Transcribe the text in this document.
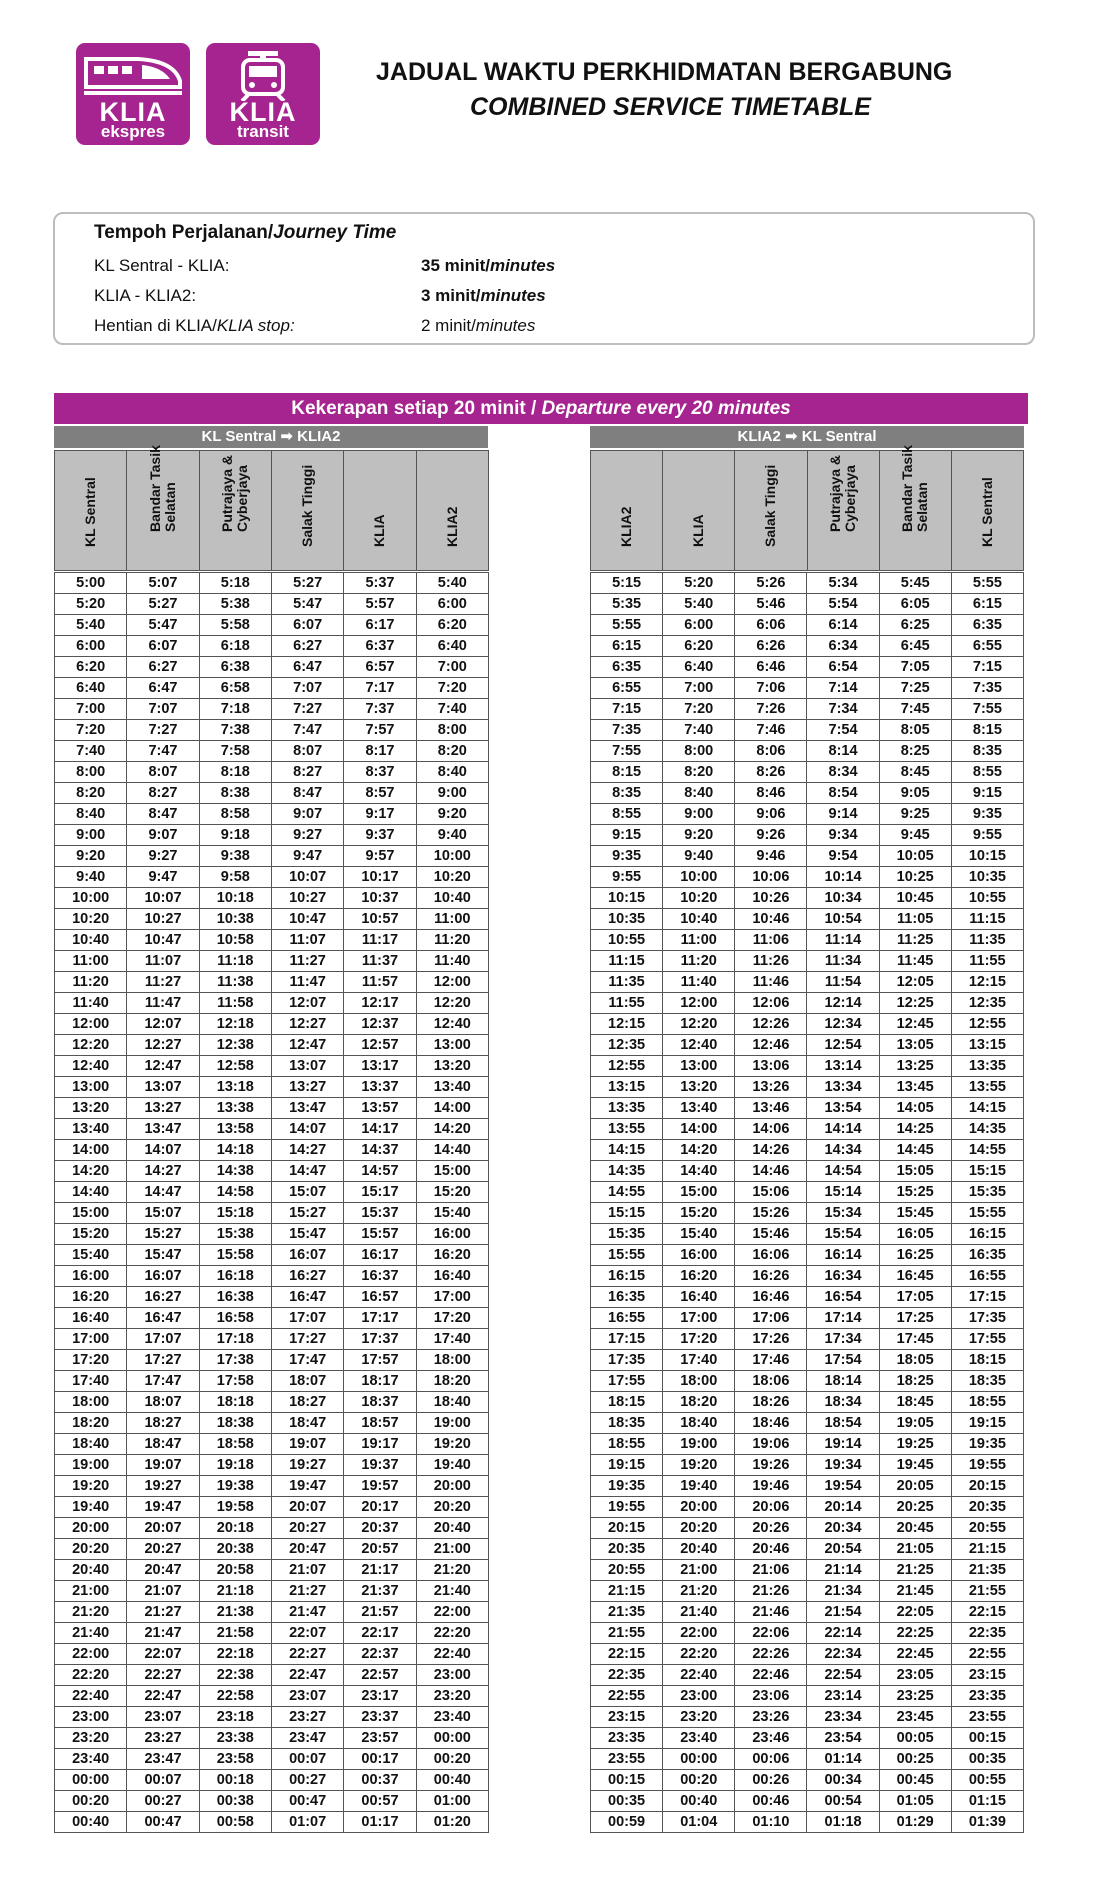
KLIA
ekspres
KLIA
transit
JADUAL WAKTU PERKHIDMATAN BERGABUNG
COMBINED SERVICE TIMETABLE
Tempoh Perjalanan/Journey Time
KL Sentral - KLIA:	35 minit/minutes
KLIA - KLIA2:	3 minit/minutes
Hentian di KLIA/KLIA stop:	2 minit/minutes
Kekerapan setiap 20 minit / Departure every 20 minutes
KL Sentral ➡ KLIA2	KLIA2 ➡ KL Sentral
KL Sentral	Bandar Tasik Selatan	Putrajaya & Cyberjaya	Salak Tinggi	KLIA	KLIA2	KLIA2	KLIA	Salak Tinggi	Putrajaya & Cyberjaya	Bandar Tasik Selatan	KL Sentral
5:00	5:07	5:18	5:27	5:37	5:40
5:20	5:27	5:38	5:47	5:57	6:00
5:40	5:47	5:58	6:07	6:17	6:20
6:00	6:07	6:18	6:27	6:37	6:40
6:20	6:27	6:38	6:47	6:57	7:00
6:40	6:47	6:58	7:07	7:17	7:20
7:00	7:07	7:18	7:27	7:37	7:40
7:20	7:27	7:38	7:47	7:57	8:00
7:40	7:47	7:58	8:07	8:17	8:20
8:00	8:07	8:18	8:27	8:37	8:40
8:20	8:27	8:38	8:47	8:57	9:00
8:40	8:47	8:58	9:07	9:17	9:20
9:00	9:07	9:18	9:27	9:37	9:40
9:20	9:27	9:38	9:47	9:57	10:00
9:40	9:47	9:58	10:07	10:17	10:20
10:00	10:07	10:18	10:27	10:37	10:40
10:20	10:27	10:38	10:47	10:57	11:00
10:40	10:47	10:58	11:07	11:17	11:20
11:00	11:07	11:18	11:27	11:37	11:40
11:20	11:27	11:38	11:47	11:57	12:00
11:40	11:47	11:58	12:07	12:17	12:20
12:00	12:07	12:18	12:27	12:37	12:40
12:20	12:27	12:38	12:47	12:57	13:00
12:40	12:47	12:58	13:07	13:17	13:20
13:00	13:07	13:18	13:27	13:37	13:40
13:20	13:27	13:38	13:47	13:57	14:00
13:40	13:47	13:58	14:07	14:17	14:20
14:00	14:07	14:18	14:27	14:37	14:40
14:20	14:27	14:38	14:47	14:57	15:00
14:40	14:47	14:58	15:07	15:17	15:20
15:00	15:07	15:18	15:27	15:37	15:40
15:20	15:27	15:38	15:47	15:57	16:00
15:40	15:47	15:58	16:07	16:17	16:20
16:00	16:07	16:18	16:27	16:37	16:40
16:20	16:27	16:38	16:47	16:57	17:00
16:40	16:47	16:58	17:07	17:17	17:20
17:00	17:07	17:18	17:27	17:37	17:40
17:20	17:27	17:38	17:47	17:57	18:00
17:40	17:47	17:58	18:07	18:17	18:20
18:00	18:07	18:18	18:27	18:37	18:40
18:20	18:27	18:38	18:47	18:57	19:00
18:40	18:47	18:58	19:07	19:17	19:20
19:00	19:07	19:18	19:27	19:37	19:40
19:20	19:27	19:38	19:47	19:57	20:00
19:40	19:47	19:58	20:07	20:17	20:20
20:00	20:07	20:18	20:27	20:37	20:40
20:20	20:27	20:38	20:47	20:57	21:00
20:40	20:47	20:58	21:07	21:17	21:20
21:00	21:07	21:18	21:27	21:37	21:40
21:20	21:27	21:38	21:47	21:57	22:00
21:40	21:47	21:58	22:07	22:17	22:20
22:00	22:07	22:18	22:27	22:37	22:40
22:20	22:27	22:38	22:47	22:57	23:00
22:40	22:47	22:58	23:07	23:17	23:20
23:00	23:07	23:18	23:27	23:37	23:40
23:20	23:27	23:38	23:47	23:57	00:00
23:40	23:47	23:58	00:07	00:17	00:20
00:00	00:07	00:18	00:27	00:37	00:40
00:20	00:27	00:38	00:47	00:57	01:00
00:40	00:47	00:58	01:07	01:17	01:20
5:15	5:20	5:26	5:34	5:45	5:55
5:35	5:40	5:46	5:54	6:05	6:15
5:55	6:00	6:06	6:14	6:25	6:35
6:15	6:20	6:26	6:34	6:45	6:55
6:35	6:40	6:46	6:54	7:05	7:15
6:55	7:00	7:06	7:14	7:25	7:35
7:15	7:20	7:26	7:34	7:45	7:55
7:35	7:40	7:46	7:54	8:05	8:15
7:55	8:00	8:06	8:14	8:25	8:35
8:15	8:20	8:26	8:34	8:45	8:55
8:35	8:40	8:46	8:54	9:05	9:15
8:55	9:00	9:06	9:14	9:25	9:35
9:15	9:20	9:26	9:34	9:45	9:55
9:35	9:40	9:46	9:54	10:05	10:15
9:55	10:00	10:06	10:14	10:25	10:35
10:15	10:20	10:26	10:34	10:45	10:55
10:35	10:40	10:46	10:54	11:05	11:15
10:55	11:00	11:06	11:14	11:25	11:35
11:15	11:20	11:26	11:34	11:45	11:55
11:35	11:40	11:46	11:54	12:05	12:15
11:55	12:00	12:06	12:14	12:25	12:35
12:15	12:20	12:26	12:34	12:45	12:55
12:35	12:40	12:46	12:54	13:05	13:15
12:55	13:00	13:06	13:14	13:25	13:35
13:15	13:20	13:26	13:34	13:45	13:55
13:35	13:40	13:46	13:54	14:05	14:15
13:55	14:00	14:06	14:14	14:25	14:35
14:15	14:20	14:26	14:34	14:45	14:55
14:35	14:40	14:46	14:54	15:05	15:15
14:55	15:00	15:06	15:14	15:25	15:35
15:15	15:20	15:26	15:34	15:45	15:55
15:35	15:40	15:46	15:54	16:05	16:15
15:55	16:00	16:06	16:14	16:25	16:35
16:15	16:20	16:26	16:34	16:45	16:55
16:35	16:40	16:46	16:54	17:05	17:15
16:55	17:00	17:06	17:14	17:25	17:35
17:15	17:20	17:26	17:34	17:45	17:55
17:35	17:40	17:46	17:54	18:05	18:15
17:55	18:00	18:06	18:14	18:25	18:35
18:15	18:20	18:26	18:34	18:45	18:55
18:35	18:40	18:46	18:54	19:05	19:15
18:55	19:00	19:06	19:14	19:25	19:35
19:15	19:20	19:26	19:34	19:45	19:55
19:35	19:40	19:46	19:54	20:05	20:15
19:55	20:00	20:06	20:14	20:25	20:35
20:15	20:20	20:26	20:34	20:45	20:55
20:35	20:40	20:46	20:54	21:05	21:15
20:55	21:00	21:06	21:14	21:25	21:35
21:15	21:20	21:26	21:34	21:45	21:55
21:35	21:40	21:46	21:54	22:05	22:15
21:55	22:00	22:06	22:14	22:25	22:35
22:15	22:20	22:26	22:34	22:45	22:55
22:35	22:40	22:46	22:54	23:05	23:15
22:55	23:00	23:06	23:14	23:25	23:35
23:15	23:20	23:26	23:34	23:45	23:55
23:35	23:40	23:46	23:54	00:05	00:15
23:55	00:00	00:06	01:14	00:25	00:35
00:15	00:20	00:26	00:34	00:45	00:55
00:35	00:40	00:46	00:54	01:05	01:15
00:59	01:04	01:10	01:18	01:29	01:39
